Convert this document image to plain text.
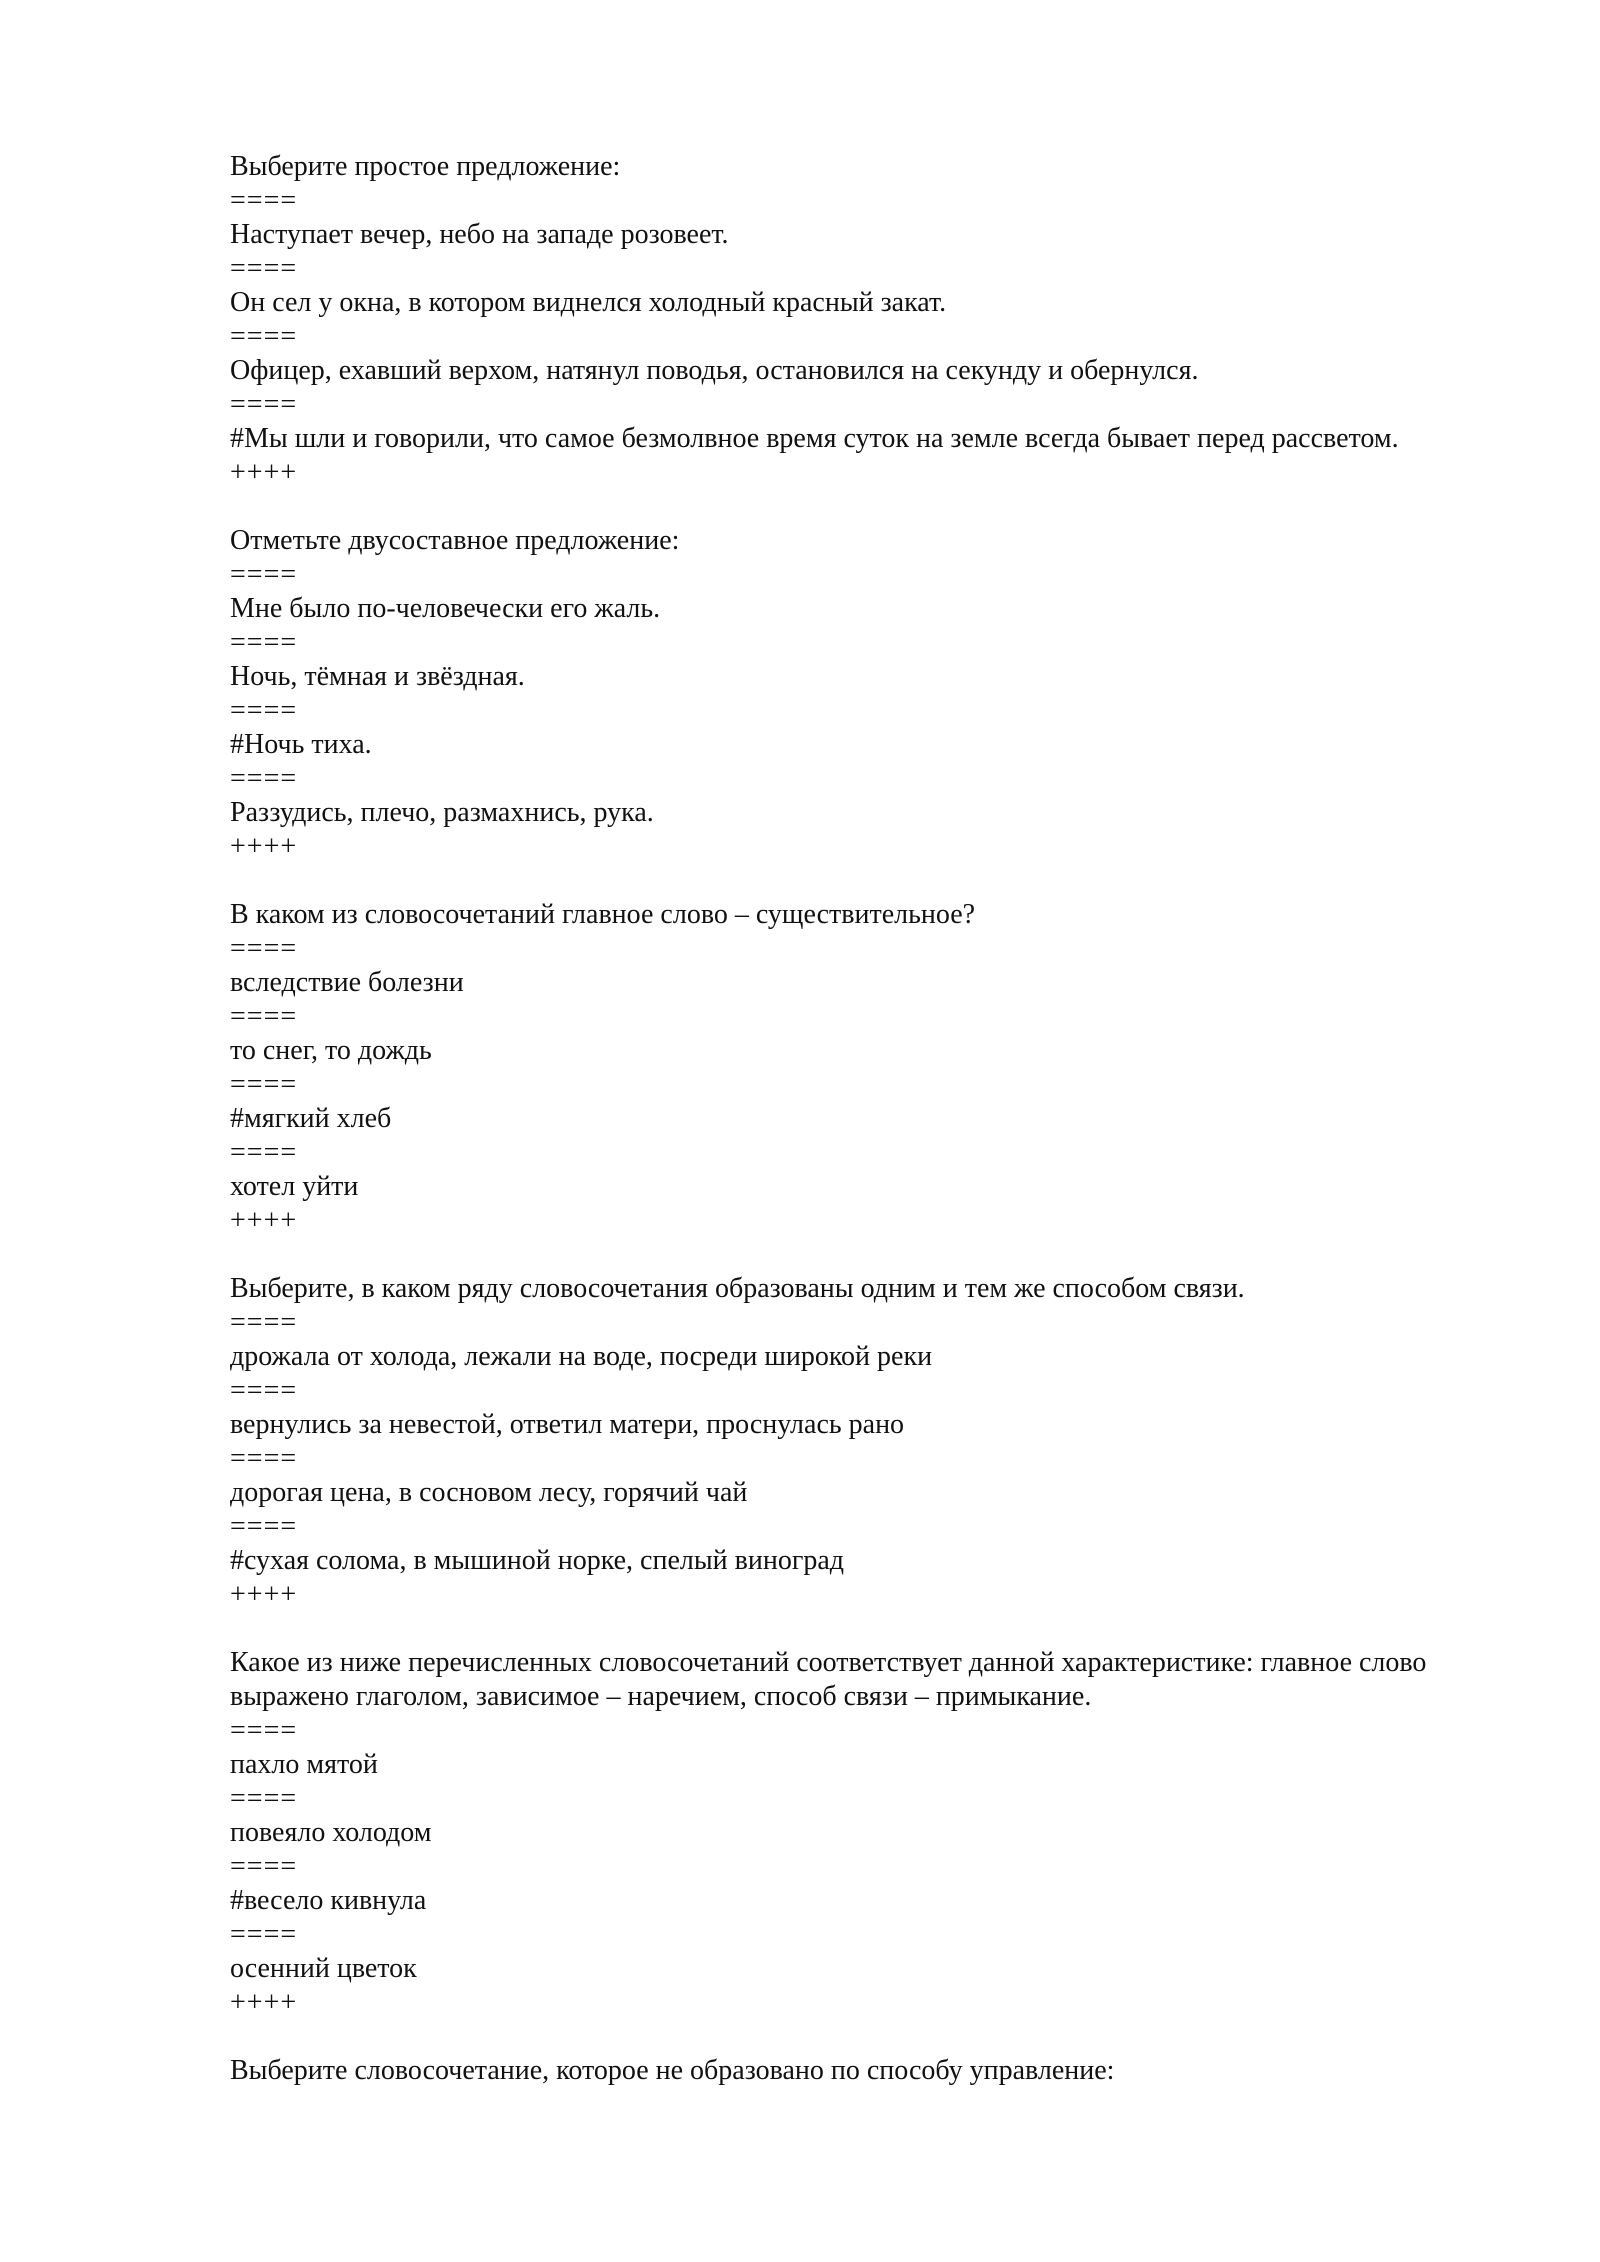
Выберите простое предложение:
====
Наступает вечер, небо на западе розовеет.
====
Он сел у окна, в котором виднелся холодный красный закат.
====
Офицер, ехавший верхом, натянул поводья, остановился на секунду и обернулся.
====
#Мы шли и говорили, что самое безмолвное время суток на земле всегда бывает перед рассветом.
++++
Отметьте двусоставное предложение:
====
Мне было по-человечески его жаль.
====
Ночь, тёмная и звёздная.
====
#Ночь тиха.
====
Раззудись, плечо, размахнись, рука.
++++
В каком из словосочетаний главное слово – существительное?
====
вследствие болезни
====
то снег, то дождь
====
#мягкий хлеб
====
хотел уйти
++++
Выберите, в каком ряду словосочетания образованы одним и тем же способом связи.
====
дрожала от холода, лежали на воде, посреди широкой реки
====
вернулись за невестой, ответил матери, проснулась рано
====
дорогая цена, в сосновом лесу, горячий чай
====
#сухая солома, в мышиной норке, спелый виноград
++++
Какое из ниже перечисленных словосочетаний соответствует данной характеристике: главное слово выражено глаголом, зависимое – наречием, способ связи – примыкание.
====
пахло мятой
====
повеяло холодом
====
#весело кивнула
====
осенний цветок
++++
Выберите словосочетание, которое не образовано по способу управление:
